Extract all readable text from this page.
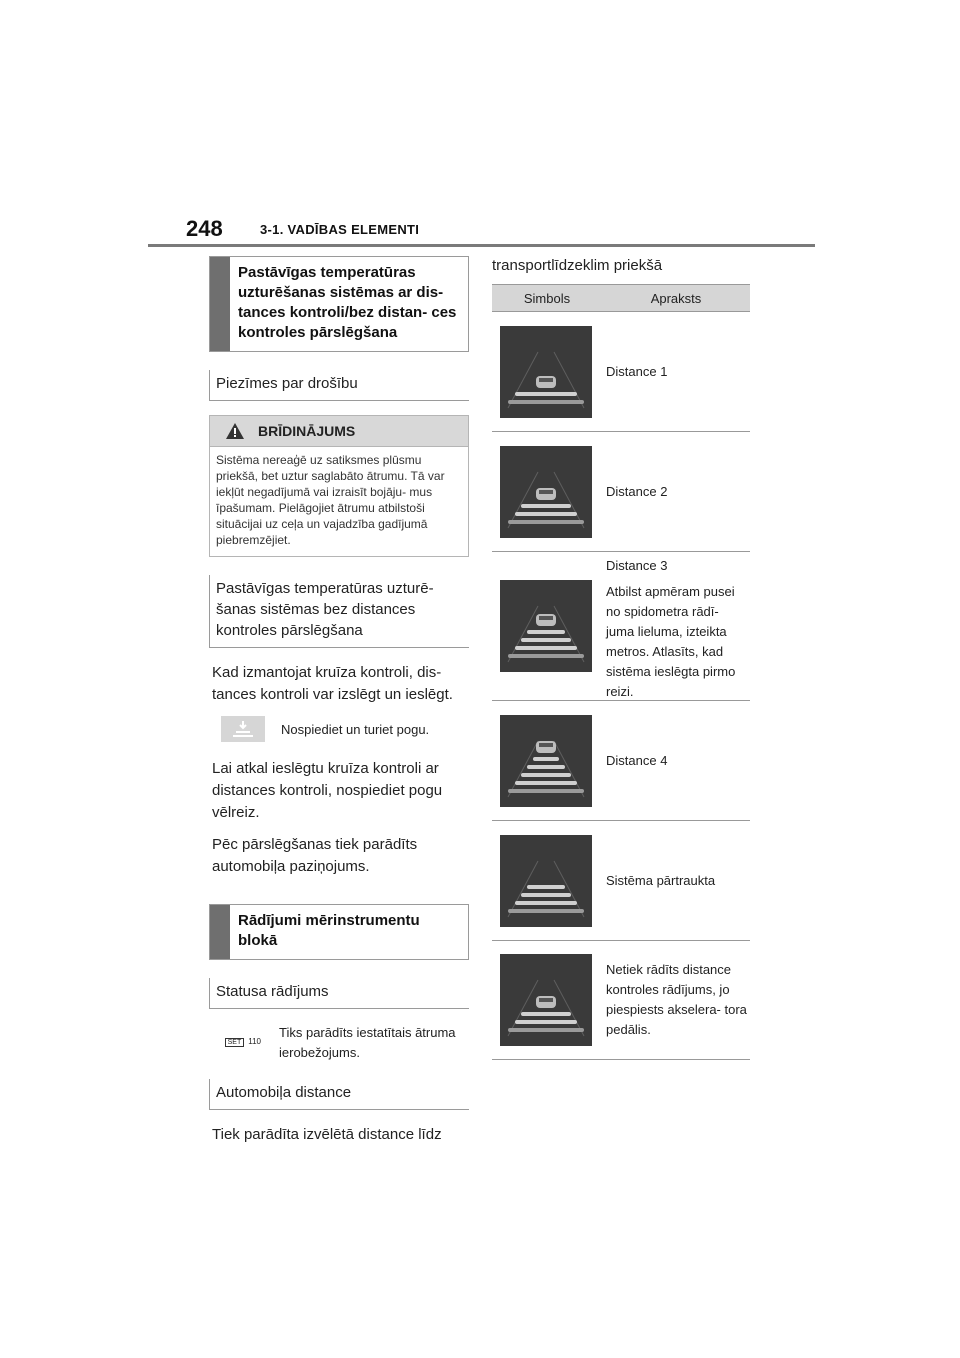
248	3-1. VADĪBAS ELEMENTI
Pastāvīgas temperatūras uzturēšanas sistēmas ar dis- tances kontroli/bez distan- ces kontroles pārslēgšana
Piezīmes par drošību
BRĪDINĀJUMS
Sistēma nereaģē uz satiksmes plūsmu priekšā, bet uztur saglabāto ātrumu. Tā var iekļūt negadījumā vai izraisīt bojāju- mus īpašumam. Pielāgojiet ātrumu atbilstoši situācijai uz ceļa un vajadzība gadījumā piebremzējiet.
Pastāvīgas temperatūras uzturē- šanas sistēmas bez distances kontroles pārslēgšana

Kad izmantojat kruīza kontroli, dis- tances kontroli var izslēgt un ieslēgt.

Nospiediet un turiet pogu.

Lai atkal ieslēgtu kruīza kontroli ar distances kontroli, nospiediet pogu vēlreiz.

Pēc pārslēgšanas tiek parādīts automobiļa paziņojums.

Rādījumi mērinstrumentu blokā
Statusa rādījums
SET 110
Tiks parādīts iestatītais ātruma ierobežojums.
Automobiļa distance

Tiek parādīta izvēlētā distance līdz

transportlīdzeklim priekšā
Simbols	Apraksts
Distance 1
Distance 2
Distance 3
Atbilst apmēram pusei no spidometra rādī- juma lieluma, izteikta metros. Atlasīts, kad sistēma ieslēgta pirmo reizi.
Distance 4
Sistēma pārtraukta
Netiek rādīts distance kontroles rādījums, jo piespiests akselera- tora pedālis.
